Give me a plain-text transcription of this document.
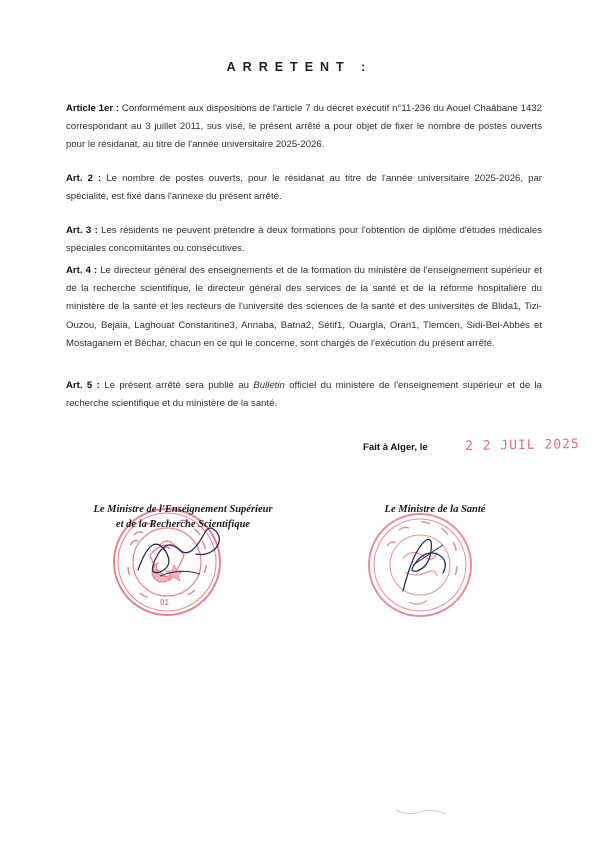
ARRETENT :
Article 1er : Conformément aux dispositions de l'article 7 du décret exécutif n°11-236 du Aouel Chaâbane 1432 correspondant au 3 juillet 2011, sus visé, le présent arrêté a pour objet de fixer le nombre de postes ouverts pour le résidanat, au titre de l'année universitaire 2025-2026.
Art. 2 : Le nombre de postes ouverts, pour le résidanat au titre de l'année universitaire 2025-2026, par spécialité, est fixé dans l'annexe du présent arrêté.
Art. 3 : Les résidents ne peuvent prétendre à deux formations pour l'obtention de diplôme d'études médicales spéciales concomitantes ou consécutives.
Art. 4 : Le directeur général des enseignements et de la formation du ministère de l'enseignement supérieur et de la recherche scientifique, le directeur général des services de la santé et de la réforme hospitalière du ministère de la santé et les recteurs de l'université des sciences de la santé et des universités de Blida1, Tizi-Ouzou, Bejaia, Laghouat Constantine3, Annaba, Batna2, Sétif1, Ouargla, Oran1, Tlemcen, Sidi-Bel-Abbès et Mostaganem et Béchar, chacun en ce qui le concerne, sont chargés de l'exécution du présent arrêté.
Art. 5 : Le présent arrêté sera publié au Bulletin officiel du ministère de l'enseignement supérieur et de la recherche scientifique et du ministère de la santé.
Fait à Alger, le	2 2 JUIL 2025
01
Le Ministre de l'Enseignement Supérieur
et de la Recherche Scientifique
Le Ministre de la Santé
